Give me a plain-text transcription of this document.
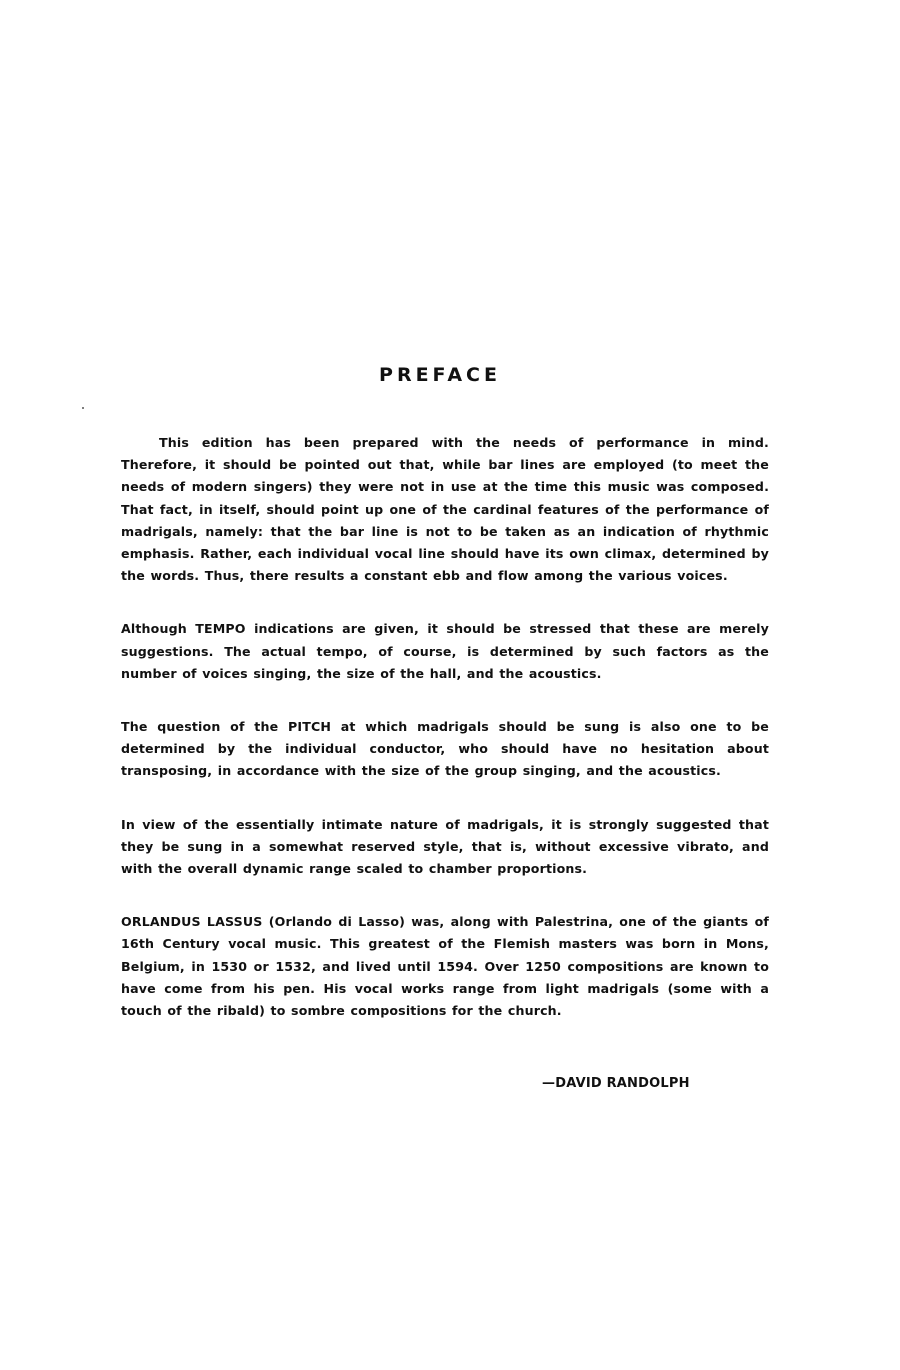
PREFACE

This edition has been prepared with the needs of performance in mind. Therefore, it should be pointed out that, while bar lines are employed (to meet the needs of modern singers) they were not in use at the time this music was composed. That fact, in itself, should point up one of the cardinal features of the performance of madrigals, namely: that the bar line is not to be taken as an indication of rhythmic emphasis. Rather, each individual vocal line should have its own climax, determined by the words. Thus, there results a constant ebb and flow among the various voices.

Although TEMPO indications are given, it should be stressed that these are merely suggestions. The actual tempo, of course, is determined by such factors as the number of voices singing, the size of the hall, and the acoustics.

The question of the PITCH at which madrigals should be sung is also one to be determined by the individual conductor, who should have no hesitation about transposing, in accordance with the size of the group singing, and the acoustics.

In view of the essentially intimate nature of madrigals, it is strongly suggested that they be sung in a somewhat reserved style, that is, without excessive vibrato, and with the overall dynamic range scaled to chamber proportions.

ORLANDUS LASSUS (Orlando di Lasso) was, along with Palestrina, one of the giants of 16th Century vocal music. This greatest of the Flemish masters was born in Mons, Belgium, in 1530 or 1532, and lived until 1594. Over 1250 compositions are known to have come from his pen. His vocal works range from light madrigals (some with a touch of the ribald) to sombre compositions for the church.

—DAVID RANDOLPH
